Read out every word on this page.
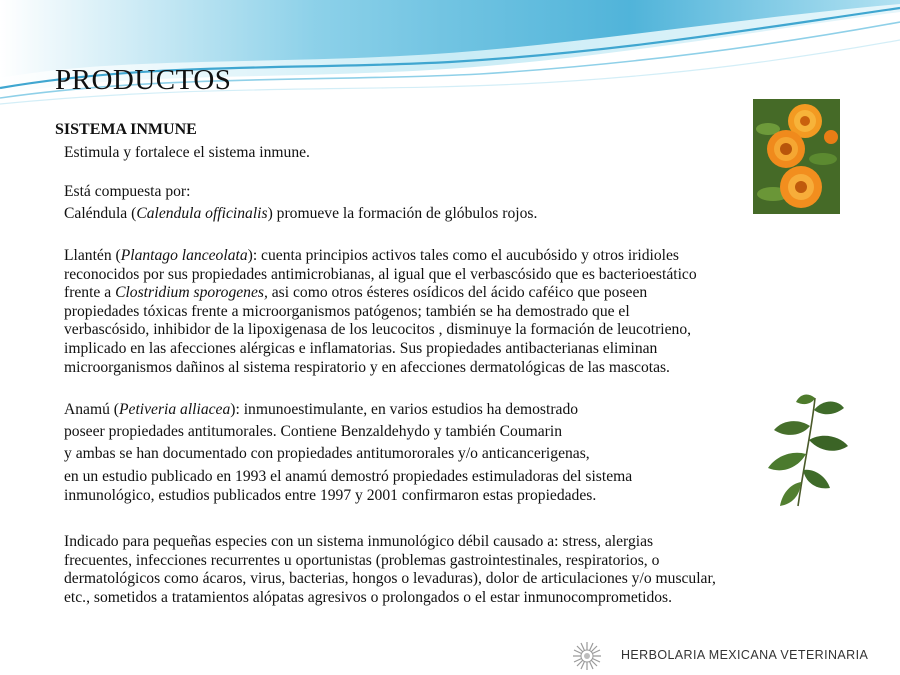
PRODUCTOS
SISTEMA INMUNE
Estimula y fortalece el sistema inmune.
Está compuesta por:
Caléndula (Calendula officinalis) promueve la formación de glóbulos rojos.

Llantén (Plantago lanceolata): cuenta principios activos tales como el aucubósido y otros iridioles

reconocidos por sus propiedades antimicrobianas, al igual que el verbascósido que es bacterioestático

frente a Clostridium sporogenes, asi como otros ésteres osídicos del ácido caféico que poseen

propiedades tóxicas frente a microorganismos patógenos; también se ha demostrado que el

verbascósido, inhibidor de la lipoxigenasa de los leucocitos , disminuye la formación de leucotrieno,

implicado en las afecciones alérgicas e inflamatorias. Sus propiedades antibacterianas eliminan

microorganismos dañinos al sistema respiratorio y en afecciones dermatológicas de las mascotas.

Anamú (Petiveria alliacea): inmunoestimulante, en varios estudios ha demostrado

poseer propiedades antitumorales. Contiene Benzaldehydo y también Coumarin

y ambas se han documentado con propiedades antitumororales y/o anticancerigenas,

en un estudio publicado en 1993 el anamú demostró propiedades estimuladoras del sistema

inmunológico, estudios publicados entre 1997 y 2001 confirmaron estas propiedades.

Indicado para pequeñas especies con un sistema inmunológico débil causado a: stress, alergias

frecuentes, infecciones recurrentes u oportunistas (problemas gastrointestinales, respiratorios, o

dermatológicos como ácaros, virus, bacterias, hongos o levaduras), dolor de articulaciones y/o muscular,

etc., sometidos a tratamientos alópatas agresivos o prolongados o el estar inmunocomprometidos.

HERBOLARIA MEXICANA VETERINARIA
